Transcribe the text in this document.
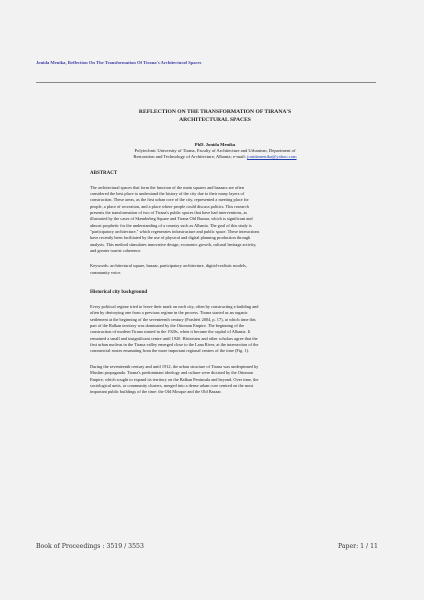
Jonida Menika, Reflection On The Transformation Of Tirana's Architectural Spaces
REFLECTION ON THE TRANSFORMATION OF TIRANA'S
ARCHITECTURAL SPACES
PhD. Jonida Menika
Polytechnic University of Tirana, Faculty of Architecture and Urbanism, Department of
Restoration and Technology of Architecture, Albania; e-mail: jonidamenika@yahoo.com
ABSTRACT

The architectural spaces that form the function of the main squares and bazaars are often
considered the best place to understand the history of the city due to their many layers of
construction. These areas, as the first urban core of the city, represented a meeting place for
people, a place of recreation, and a place where people could discuss politics. This research
presents the transformation of two of Tirana's public spaces that have had interventions, as
illustrated by the cases of Skenderbeg Square and Tirana Old Bazaar, which is significant and
almost prophetic for the understanding of a country such as Albania. The goal of this study is
"participatory architecture," which regenerates infrastructure and public space. These interactions
have recently been facilitated by the use of physical and digital planning production through
analysis. This method stimulates innovative design, economic growth, cultural heritage activity,
and greater tourist coherence.

Keywords: architectural square, bazaar, participatory architecture, digital-realistic models,
community voice.
Historical city background

Every political regime tried to leave their mark on each city, often by constructing a building and
often by destroying one from a previous regime in the process. Tirana started as an organic
settlement at the beginning of the seventeenth century (Frashëri 2004, p. 17), at which time this
part of the Balkan territory was dominated by the Ottoman Empire. The beginning of the
construction of modern Tirana started in the 1920s, when it became the capital of Albania. It
remained a small and insignificant centre until 1920. Historians and other scholars agree that the
first urban nucleus in the Tirana valley emerged close to the Lana River, at the intersection of the
commercial routes emanating from the more important regional centres of the time (Fig. 1).

During the seventeenth century and until 1912, the urban structure of Tirana was underpinned by
Muslim propaganda. Tirana's predominant ideology and culture were dictated by the Ottoman
Empire, which sought to expand its territory on the Balkan Peninsula and beyond. Over time, the
sociological units, or community clusters, merged into a dense urban core centred on the most
important public buildings of the time: the Old Mosque and the Old Bazaar.

Book of Proceedings : 3519 / 3553	Paper: 1 / 11
